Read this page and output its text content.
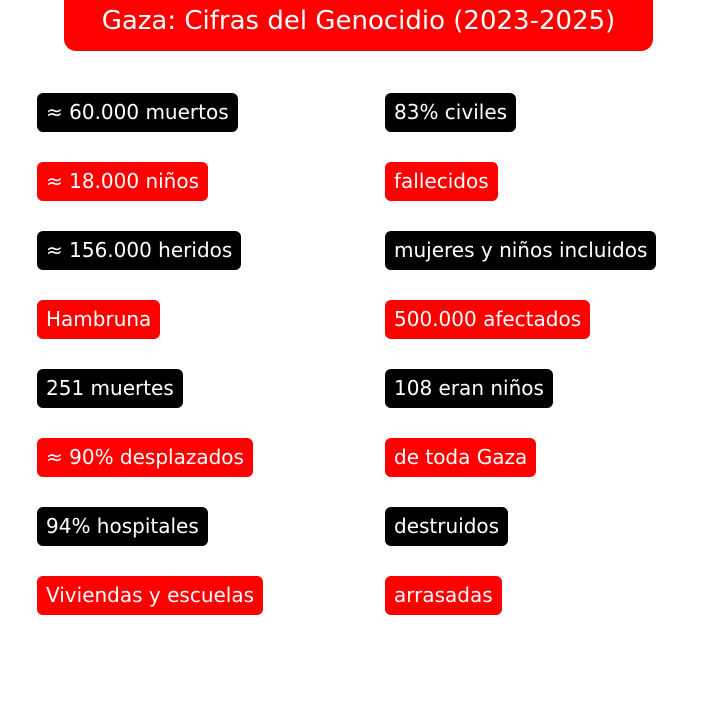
Gaza: Cifras del Genocidio (2023-2025)
≈ 60.000 muertos	83% civiles
≈ 18.000 niños	fallecidos
≈ 156.000 heridos	mujeres y niños incluidos
Hambruna	500.000 afectados
251 muertes	108 eran niños
≈ 90% desplazados	de toda Gaza
94% hospitales	destruidos
Viviendas y escuelas	arrasadas
